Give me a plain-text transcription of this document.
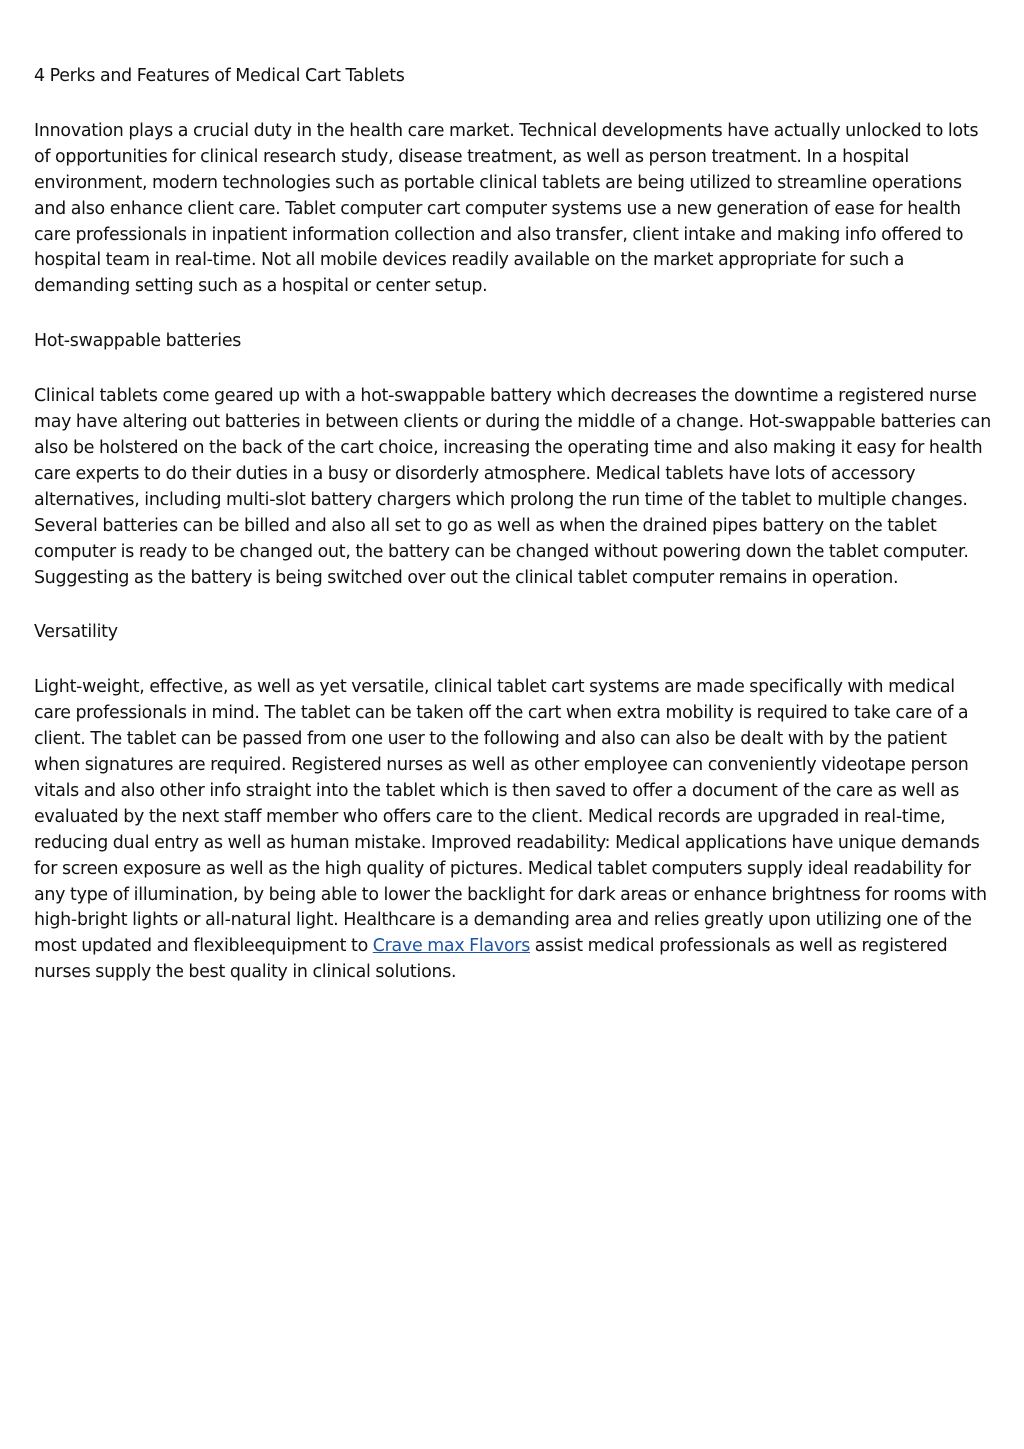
4 Perks and Features of Medical Cart Tablets

Innovation plays a crucial duty in the health care market. Technical developments have actually unlocked to lots of opportunities for clinical research study, disease treatment, as well as person treatment. In a hospital environment, modern technologies such as portable clinical tablets are being utilized to streamline operations and also enhance client care. Tablet computer cart computer systems use a new generation of ease for health care professionals in inpatient information collection and also transfer, client intake and making info offered to hospital team in real-time. Not all mobile devices readily available on the market appropriate for such a demanding setting such as a hospital or center setup.

Hot-swappable batteries

Clinical tablets come geared up with a hot-swappable battery which decreases the downtime a registered nurse may have altering out batteries in between clients or during the middle of a change. Hot-swappable batteries can also be holstered on the back of the cart choice, increasing the operating time and also making it easy for health care experts to do their duties in a busy or disorderly atmosphere. Medical tablets have lots of accessory alternatives, including multi-slot battery chargers which prolong the run time of the tablet to multiple changes. Several batteries can be billed and also all set to go as well as when the drained pipes battery on the tablet computer is ready to be changed out, the battery can be changed without powering down the tablet computer. Suggesting as the battery is being switched over out the clinical tablet computer remains in operation.

Versatility

Light-weight, effective, as well as yet versatile, clinical tablet cart systems are made specifically with medical care professionals in mind. The tablet can be taken off the cart when extra mobility is required to take care of a client. The tablet can be passed from one user to the following and also can also be dealt with by the patient when signatures are required. Registered nurses as well as other employee can conveniently videotape person vitals and also other info straight into the tablet which is then saved to offer a document of the care as well as evaluated by the next staff member who offers care to the client. Medical records are upgraded in real-time, reducing dual entry as well as human mistake. Improved readability: Medical applications have unique demands for screen exposure as well as the high quality of pictures. Medical tablet computers supply ideal readability for any type of illumination, by being able to lower the backlight for dark areas or enhance brightness for rooms with high-bright lights or all-natural light. Healthcare is a demanding area and relies greatly upon utilizing one of the most updated and flexibleequipment to Crave max Flavors assist medical professionals as well as registered nurses supply the best quality in clinical solutions.
